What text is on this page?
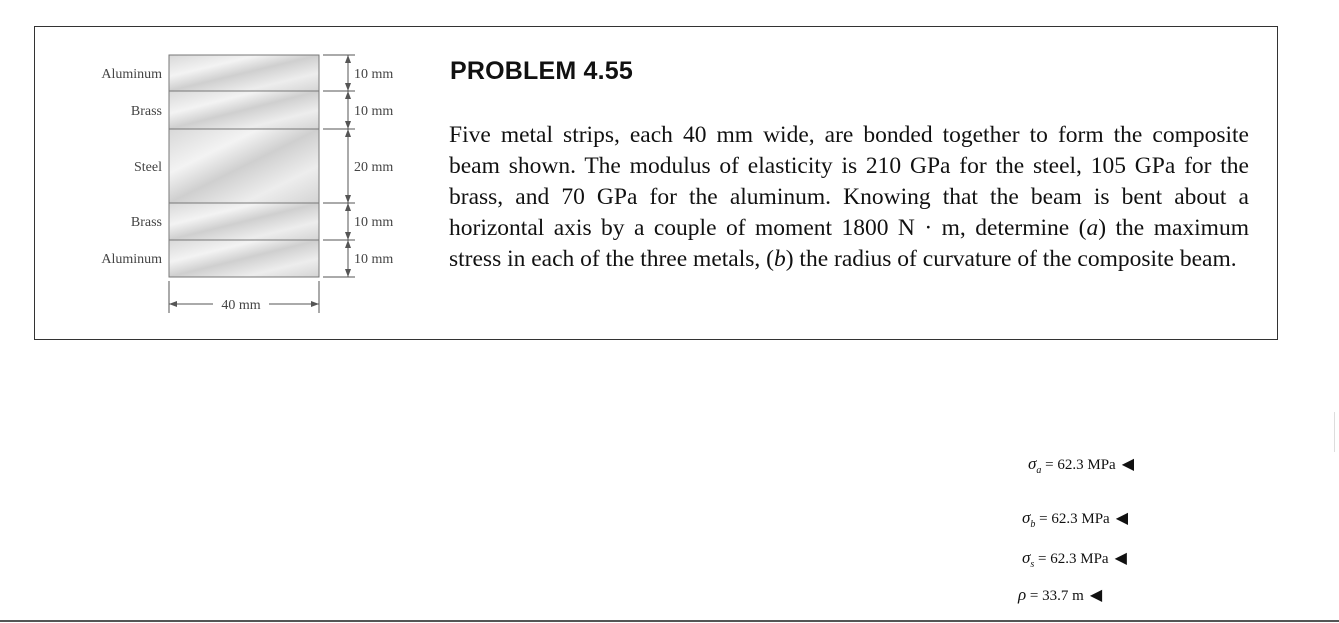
Aluminum
Brass
Steel
Brass
Aluminum
10 mm
10 mm
20 mm
10 mm
10 mm
40 mm
PROBLEM 4.55
Five metal strips, each 40 mm wide, are bonded together to form the composite beam shown. The modulus of elasticity is 210 GPa for the steel, 105 GPa for the brass, and 70 GPa for the aluminum. Knowing that the beam is bent about a horizontal axis by a couple of moment 1800 N · m, determine (a) the maximum stress in each of the three metals, (b) the radius of curvature of the composite beam.
$\sigma_a = 62.3$ MPa ◀
$\sigma_b = 62.3$ MPa ◀
$\sigma_s = 62.3$ MPa ◀
ρ = 33.7 m ◀
